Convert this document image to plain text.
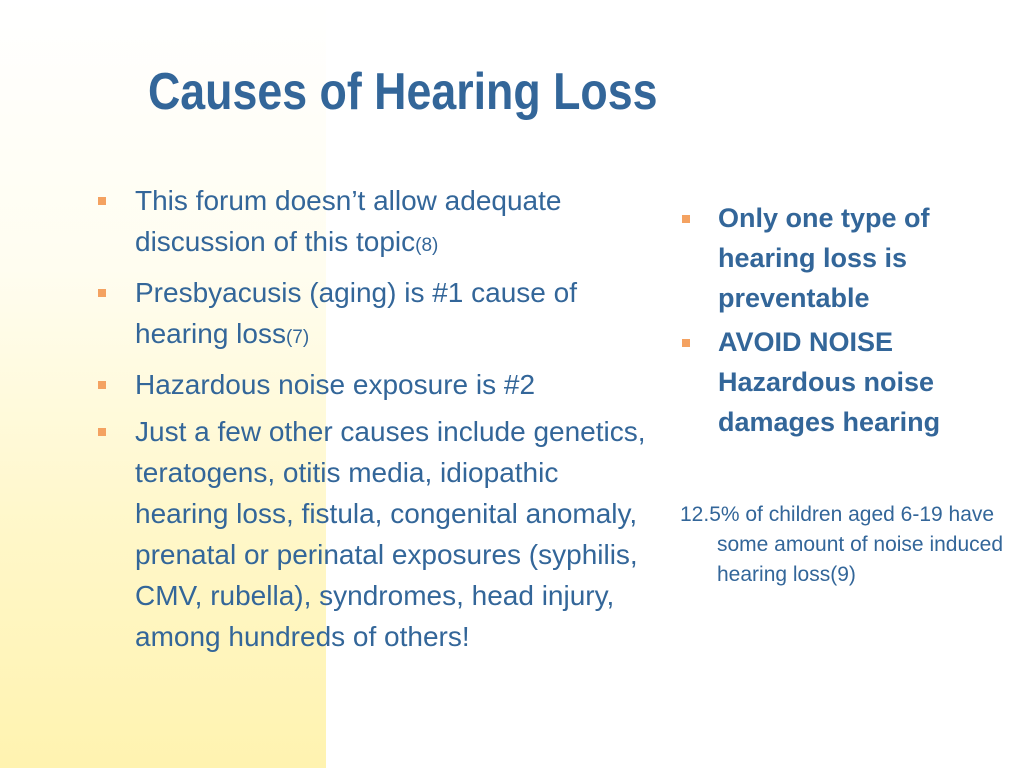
Causes of Hearing Loss
This forum doesn’t allow adequate discussion of this topic(8)
Presbyacusis (aging) is #1 cause of hearing loss(7)
Hazardous noise exposure is #2
Just a few other causes include genetics, teratogens, otitis media, idiopathic hearing loss, fistula, congenital anomaly, prenatal or perinatal exposures (syphilis, CMV, rubella), syndromes, head injury, among hundreds of others!
Only one type of hearing loss is preventable
AVOID NOISE Hazardous noise damages hearing
12.5% of children aged 6-19 have some amount of noise induced hearing loss(9)
